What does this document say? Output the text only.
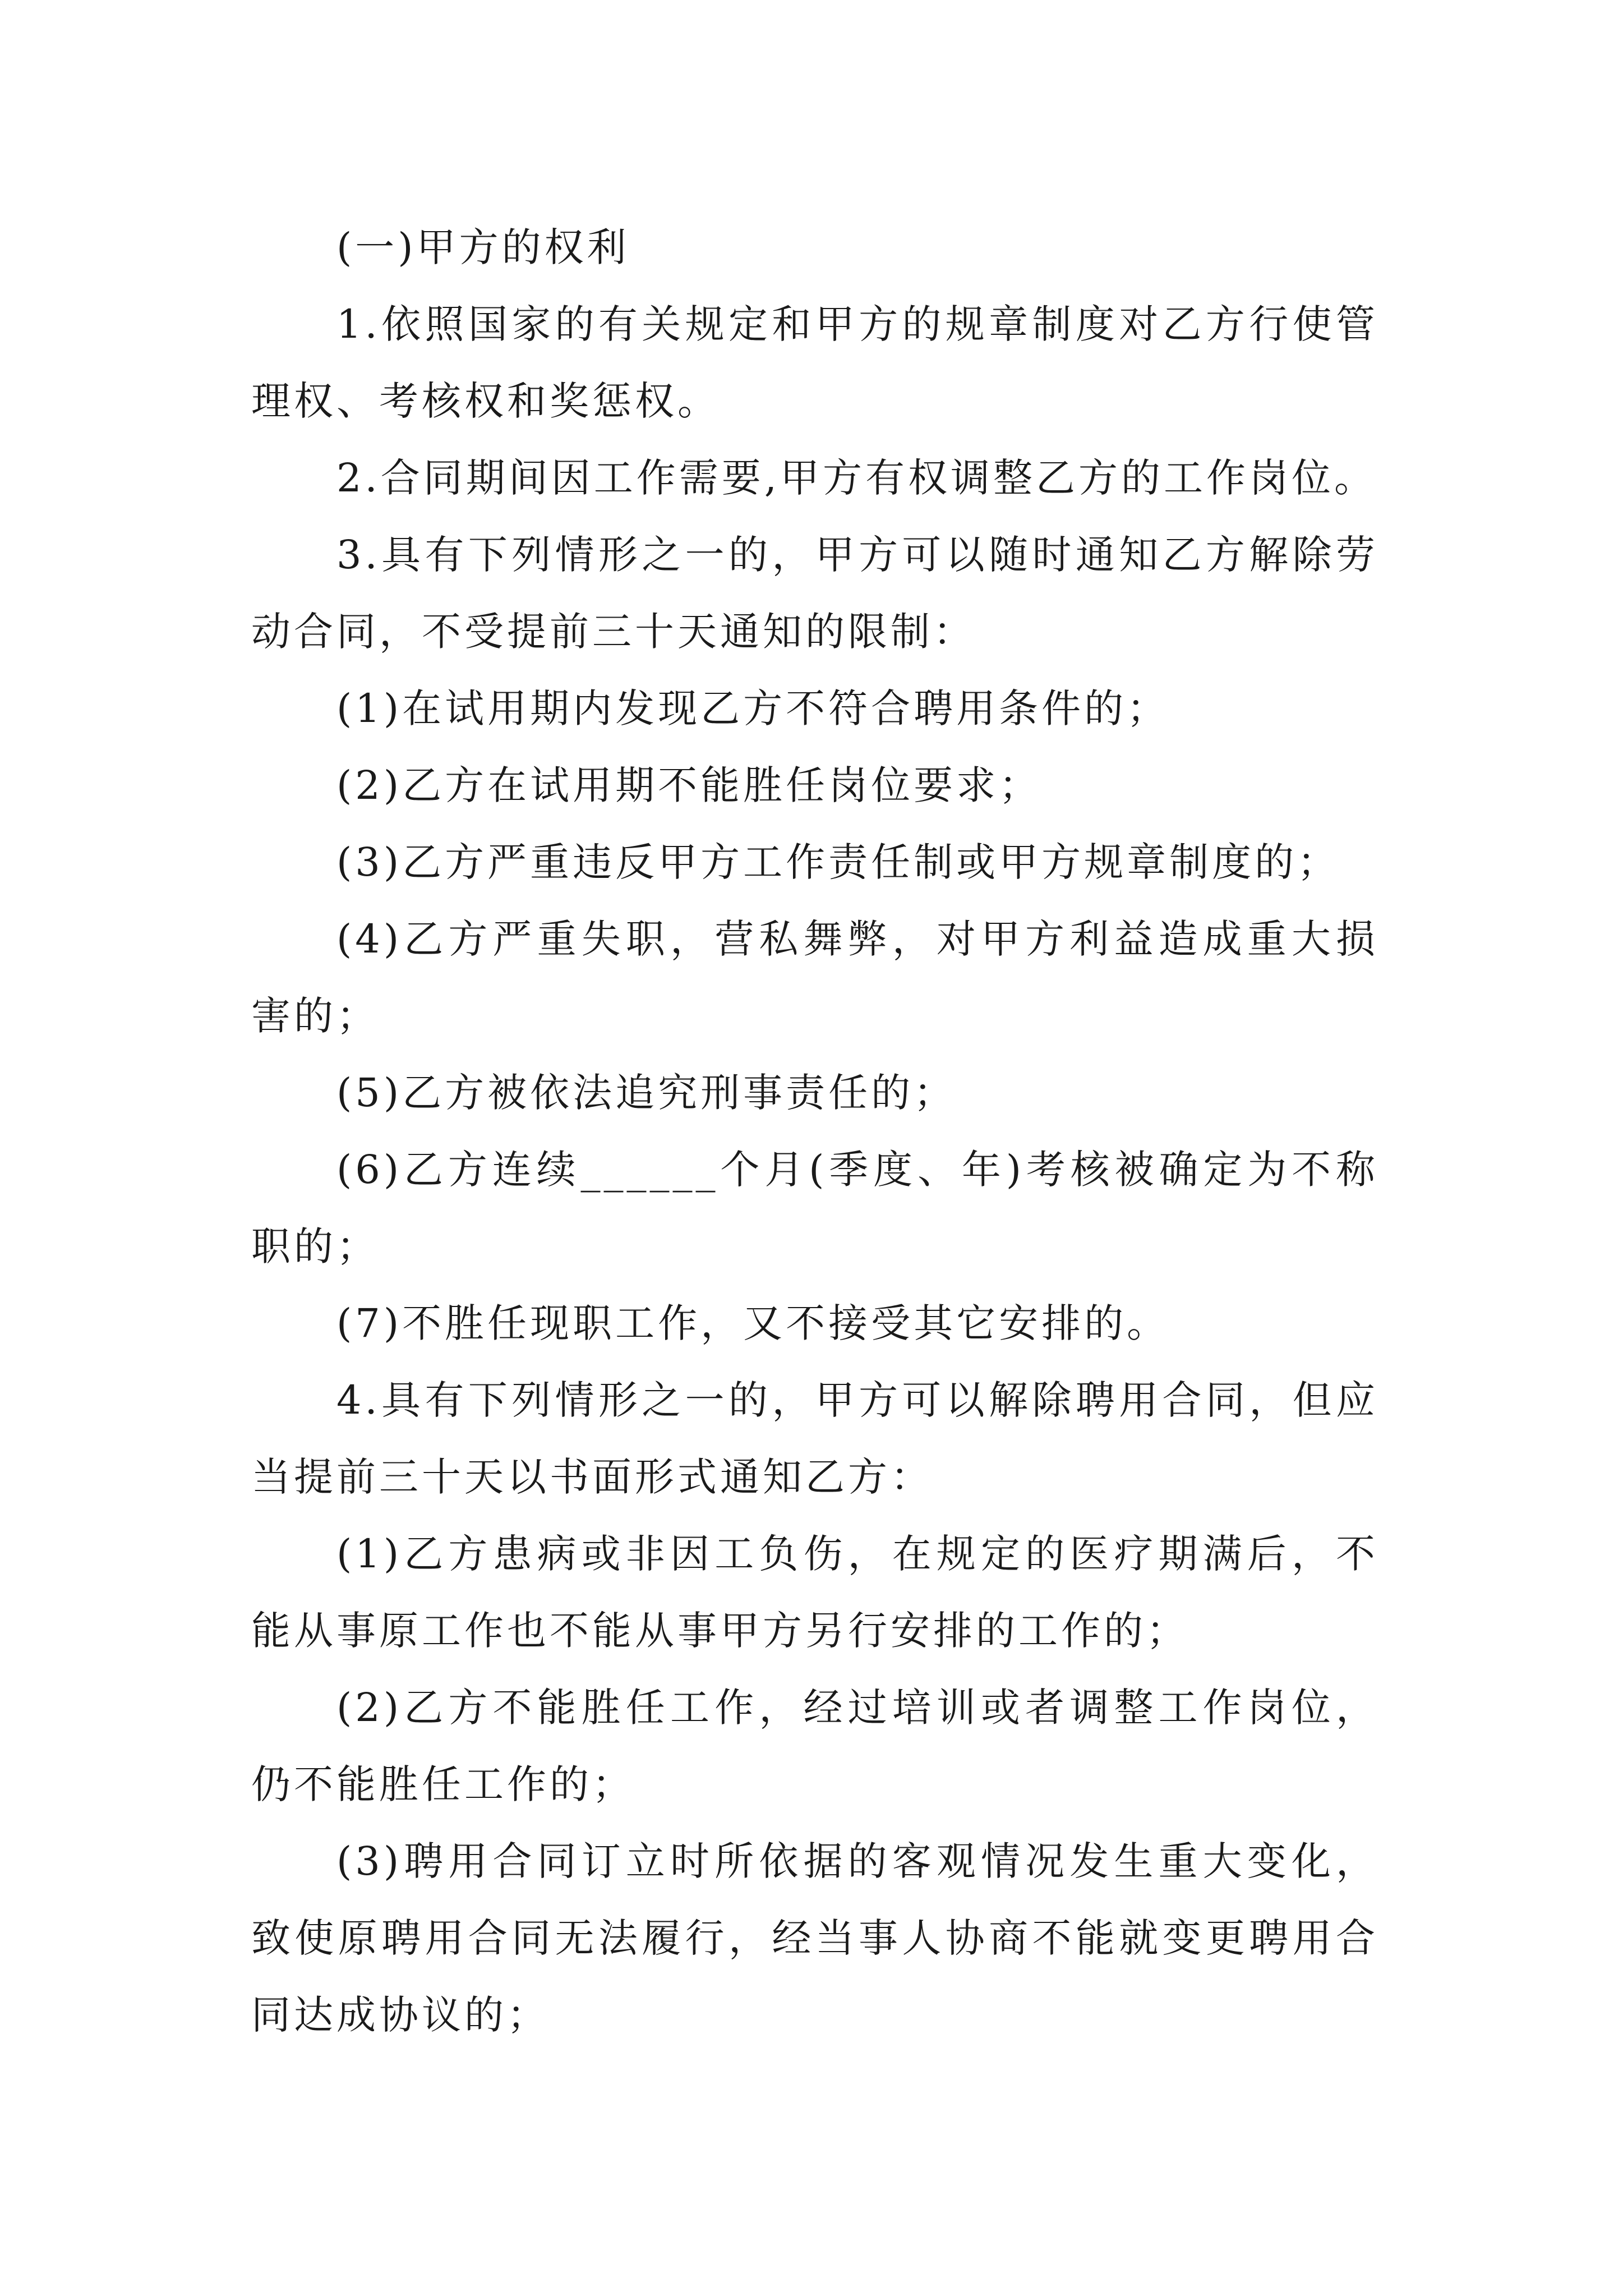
(一)甲方的权利

1.依照国家的有关规定和甲方的规章制度对乙方行使管理权、考核权和奖惩权。

2.合同期间因工作需要,甲方有权调整乙方的工作岗位。

3.具有下列情形之一的，甲方可以随时通知乙方解除劳动合同，不受提前三十天通知的限制：

(1)在试用期内发现乙方不符合聘用条件的；

(2)乙方在试用期不能胜任岗位要求；

(3)乙方严重违反甲方工作责任制或甲方规章制度的；

(4)乙方严重失职，营私舞弊，对甲方利益造成重大损害的；

(5)乙方被依法追究刑事责任的；

(6)乙方连续______个月(季度、年)考核被确定为不称职的；

(7)不胜任现职工作，又不接受其它安排的。

4.具有下列情形之一的，甲方可以解除聘用合同，但应当提前三十天以书面形式通知乙方：

(1)乙方患病或非因工负伤，在规定的医疗期满后，不能从事原工作也不能从事甲方另行安排的工作的；

(2)乙方不能胜任工作，经过培训或者调整工作岗位，仍不能胜任工作的；

(3)聘用合同订立时所依据的客观情况发生重大变化，致使原聘用合同无法履行，经当事人协商不能就变更聘用合同达成协议的；
